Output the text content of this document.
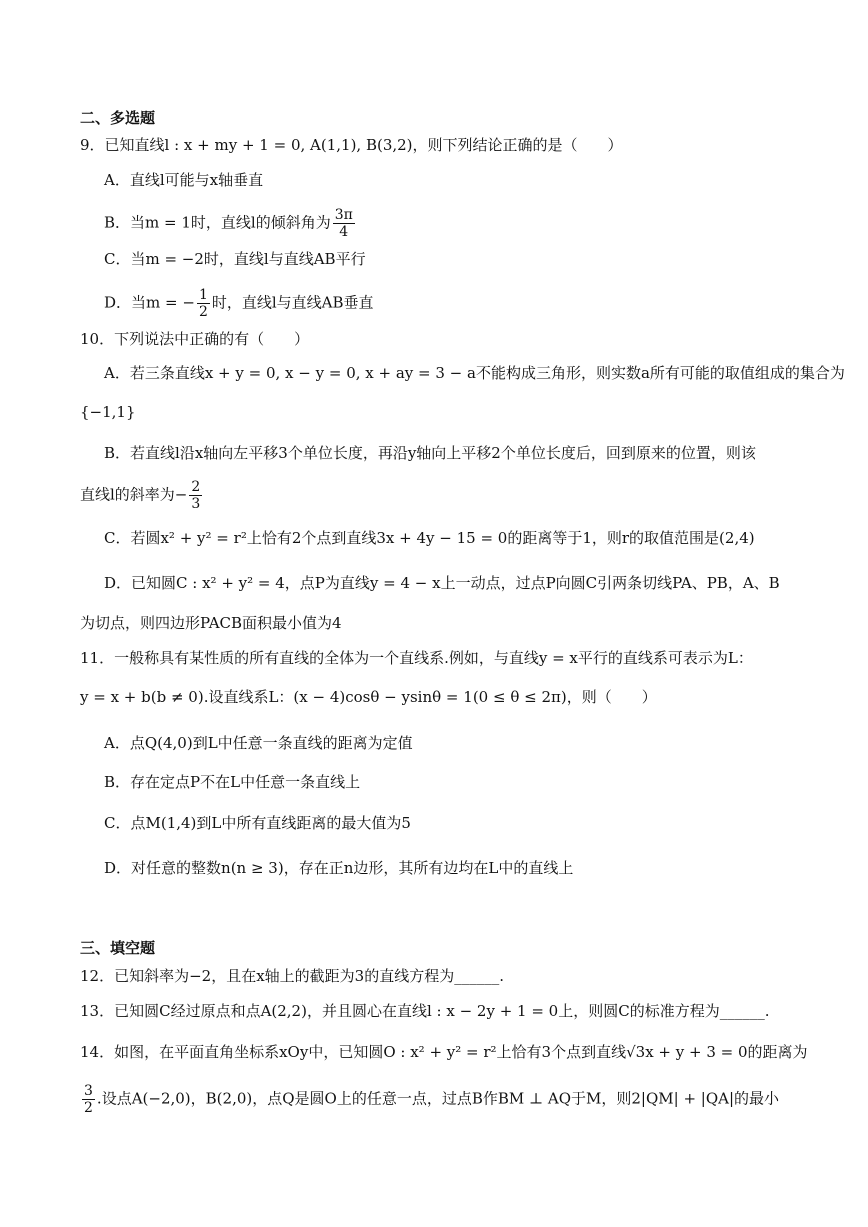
二、多选题
9．已知直线l : x + my + 1 = 0, A(1,1), B(3,2)，则下列结论正确的是（　　）
A．直线l可能与x轴垂直
B．当m = 1时，直线l的倾斜角为 $\frac{3\pi}{4}$
C．当m = −2时，直线l与直线AB平行
D．当m = − $\frac{1}{2}$ 时，直线l与直线AB垂直
10．下列说法中正确的有（　　）
A．若三条直线x + y = 0, x − y = 0, x + ay = 3 − a不能构成三角形，则实数a所有可能的取值组成的集合为
{−1,1}
B．若直线l沿x轴向左平移3个单位长度，再沿y轴向上平移2个单位长度后，回到原来的位置，则该
直线l的斜率为− $\frac{2}{3}$
C．若圆x² + y² = r²上恰有2个点到直线3x + 4y − 15 = 0的距离等于1，则r的取值范围是(2,4)
D．已知圆C : x² + y² = 4，点P为直线y = 4 − x上一动点，过点P向圆C引两条切线PA、PB，A、B
为切点，则四边形PACB面积最小值为4
11．一般称具有某性质的所有直线的全体为一个直线系.例如，与直线y = x平行的直线系可表示为L：
y = x + b(b ≠ 0).设直线系L：(x − 4)cosθ − ysinθ = 1(0 ≤ θ ≤ 2π)，则（　　）
A．点Q(4,0)到L中任意一条直线的距离为定值
B．存在定点P不在L中任意一条直线上
C．点M(1,4)到L中所有直线距离的最大值为5
D．对任意的整数n(n ≥ 3)，存在正n边形，其所有边均在L中的直线上
三、填空题
12．已知斜率为−2，且在x轴上的截距为3的直线方程为______.
13．已知圆C经过原点和点A(2,2)，并且圆心在直线l : x − 2y + 1 = 0上，则圆C的标准方程为______.
14．如图，在平面直角坐标系xOy中，已知圆O : x² + y² = r²上恰有3个点到直线√3x + y + 3 = 0的距离为
$\frac{3}{2}$ .设点A(−2,0)，B(2,0)，点Q是圆O上的任意一点，过点B作BM ⊥ AQ于M，则2|QM| + |QA|的最小
